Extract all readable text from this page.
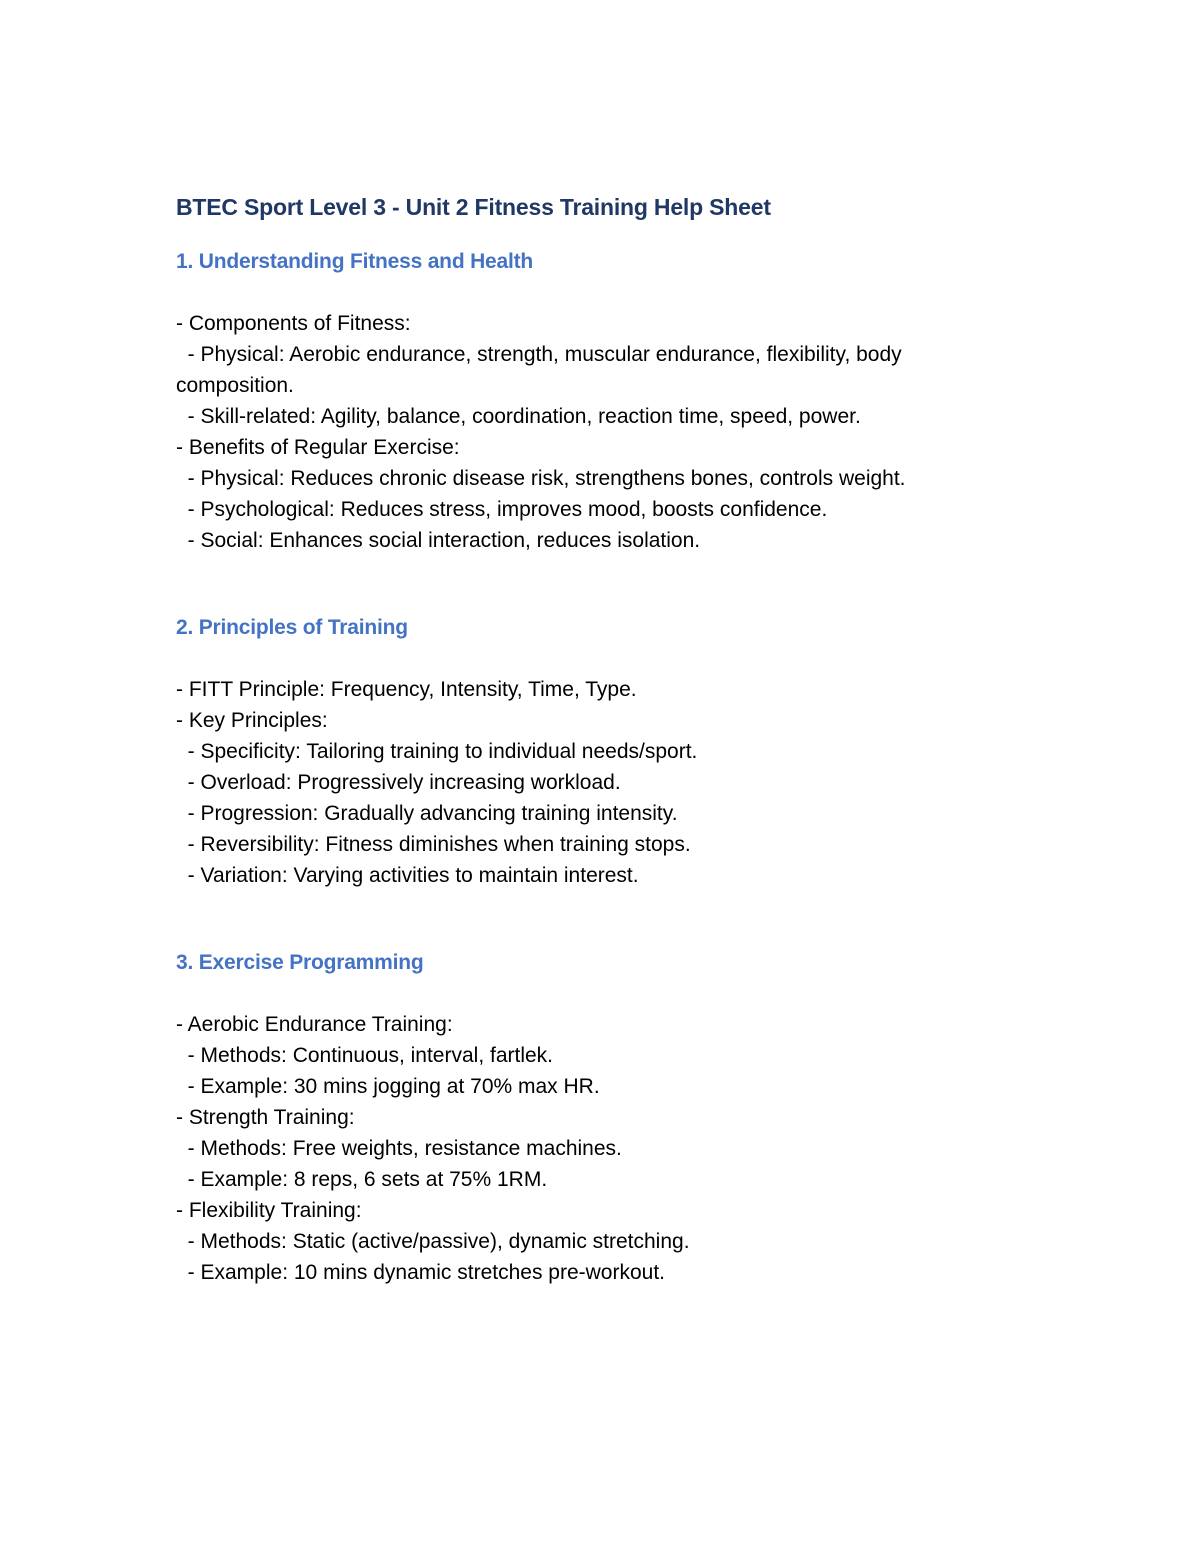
BTEC Sport Level 3 - Unit 2 Fitness Training Help Sheet
1. Understanding Fitness and Health
- Components of Fitness:
- Physical: Aerobic endurance, strength, muscular endurance, flexibility, body composition.
- Skill-related: Agility, balance, coordination, reaction time, speed, power.
- Benefits of Regular Exercise:
- Physical: Reduces chronic disease risk, strengthens bones, controls weight.
- Psychological: Reduces stress, improves mood, boosts confidence.
- Social: Enhances social interaction, reduces isolation.
2. Principles of Training
- FITT Principle: Frequency, Intensity, Time, Type.
- Key Principles:
- Specificity: Tailoring training to individual needs/sport.
- Overload: Progressively increasing workload.
- Progression: Gradually advancing training intensity.
- Reversibility: Fitness diminishes when training stops.
- Variation: Varying activities to maintain interest.
3. Exercise Programming
- Aerobic Endurance Training:
- Methods: Continuous, interval, fartlek.
- Example: 30 mins jogging at 70% max HR.
- Strength Training:
- Methods: Free weights, resistance machines.
- Example: 8 reps, 6 sets at 75% 1RM.
- Flexibility Training:
- Methods: Static (active/passive), dynamic stretching.
- Example: 10 mins dynamic stretches pre-workout.
